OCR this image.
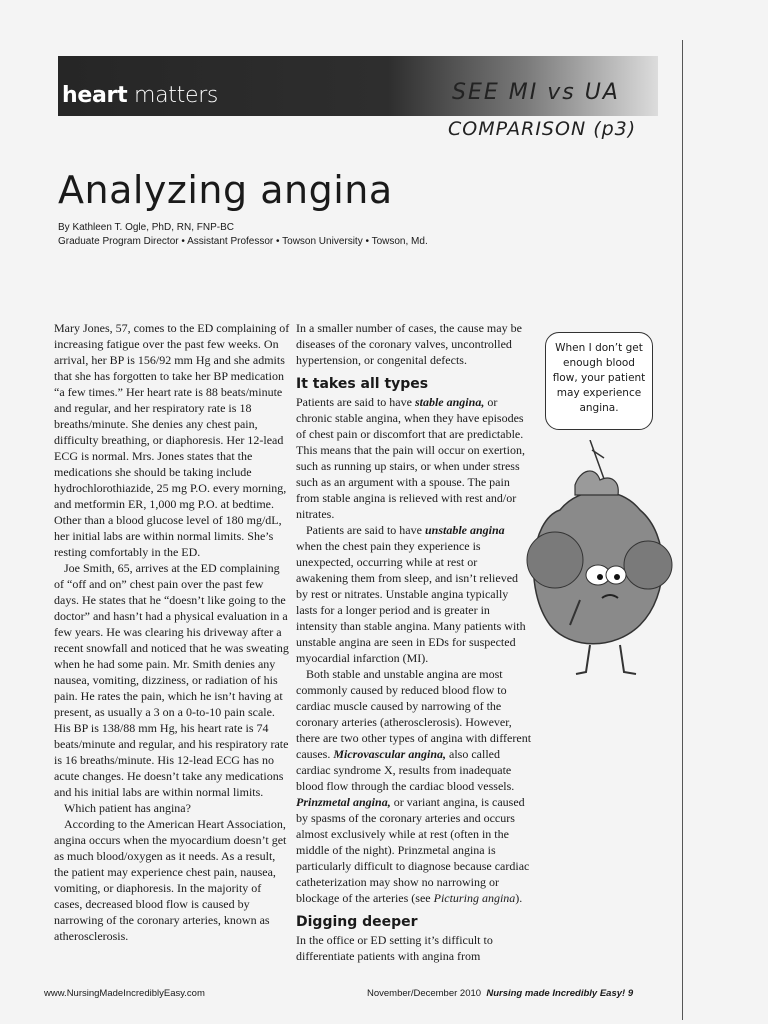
heart matters	SEE MI vs UA
COMPARISON (p3)
Analyzing angina
By Kathleen T. Ogle, PhD, RN, FNP-BC
Graduate Program Director • Assistant Professor • Towson University • Towson, Md.

Mary Jones, 57, comes to the ED complaining of increasing fatigue over the past few weeks. On arrival, her BP is 156/92 mm Hg and she admits that she has forgotten to take her BP medication “a few times.” Her heart rate is 88 beats/minute and regular, and her respiratory rate is 18 breaths/minute. She denies any chest pain, difficulty breathing, or diaphoresis. Her 12-lead ECG is normal. Mrs. Jones states that the medications she should be taking include hydrochlorothiazide, 25 mg P.O. every morning, and metformin ER, 1,000 mg P.O. at bedtime. Other than a blood glucose level of 180 mg/dL, her initial labs are within normal limits. She’s resting comfortably in the ED.

Joe Smith, 65, arrives at the ED complaining of “off and on” chest pain over the past few days. He states that he “doesn’t like going to the doctor” and hasn’t had a physical evaluation in a few years. He was clearing his driveway after a recent snowfall and noticed that he was sweating when he had some pain. Mr. Smith denies any nausea, vomiting, dizziness, or radiation of his pain. He rates the pain, which he isn’t having at present, as usually a 3 on a 0-to-10 pain scale. His BP is 138/88 mm Hg, his heart rate is 74 beats/minute and regular, and his respiratory rate is 16 breaths/minute. His 12-lead ECG has no acute changes. He doesn’t take any medications and his initial labs are within normal limits.

Which patient has angina?

According to the American Heart Association, angina occurs when the myocardium doesn’t get as much blood/oxygen as it needs. As a result, the patient may experience chest pain, nausea, vomiting, or diaphoresis. In the majority of cases, decreased blood flow is caused by narrowing of the coronary arteries, known as atherosclerosis.

In a smaller number of cases, the cause may be diseases of the coronary valves, uncontrolled hypertension, or congenital defects.

It takes all types

Patients are said to have stable angina, or chronic stable angina, when they have episodes of chest pain or discomfort that are predictable. This means that the pain will occur on exertion, such as running up stairs, or when under stress such as an argument with a spouse. The pain from stable angina is relieved with rest and/or nitrates.

Patients are said to have unstable angina when the chest pain they experience is unexpected, occurring while at rest or awakening them from sleep, and isn’t relieved by rest or nitrates. Unstable angina typically lasts for a longer period and is greater in intensity than stable angina. Many patients with unstable angina are seen in EDs for suspected myocardial infarction (MI).

Both stable and unstable angina are most commonly caused by reduced blood flow to cardiac muscle caused by narrowing of the coronary arteries (atherosclerosis). However, there are two other types of angina with different causes. Microvascular angina, also called cardiac syndrome X, results from inadequate blood flow through the cardiac blood vessels. Prinzmetal angina, or variant angina, is caused by spasms of the coronary arteries and occurs almost exclusively while at rest (often in the middle of the night). Prinzmetal angina is particularly difficult to diagnose because cardiac catheterization may show no narrowing or blockage of the arteries (see Picturing angina).

Digging deeper

In the office or ED setting it’s difficult to differentiate patients with angina from

When I don’t get enough blood flow, your patient may experience angina.
www.NursingMadeIncrediblyEasy.com	November/December 2010 Nursing made Incredibly Easy! 9
